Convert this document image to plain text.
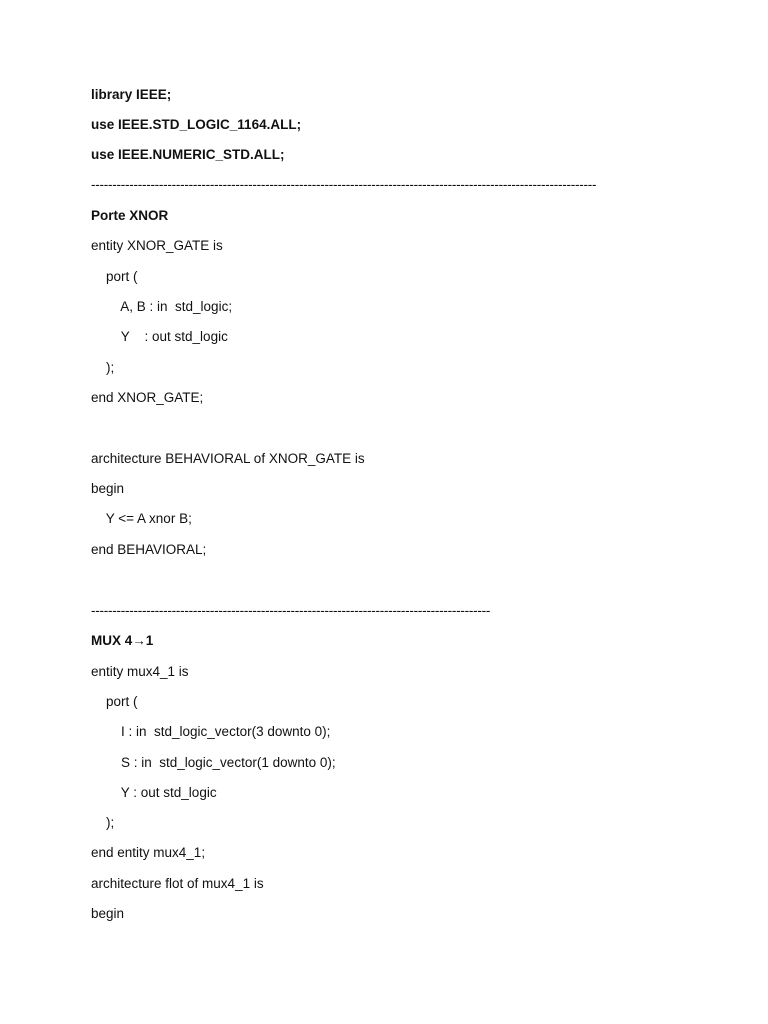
library IEEE;

use IEEE.STD_LOGIC_1164.ALL;

use IEEE.NUMERIC_STD.ALL;

-----------------------------------------------------------------------------------------------------------------------

Porte XNOR

entity XNOR_GATE is

port (

A, B : in  std_logic;

Y    : out std_logic

);

end XNOR_GATE;

architecture BEHAVIORAL of XNOR_GATE is

begin

Y <= A xnor B;

end BEHAVIORAL;

----------------------------------------------------------------------------------------------

MUX 4→1

entity mux4_1 is

port (

I : in  std_logic_vector(3 downto 0);

S : in  std_logic_vector(1 downto 0);

Y : out std_logic

);

end entity mux4_1;

architecture flot of mux4_1 is

begin
